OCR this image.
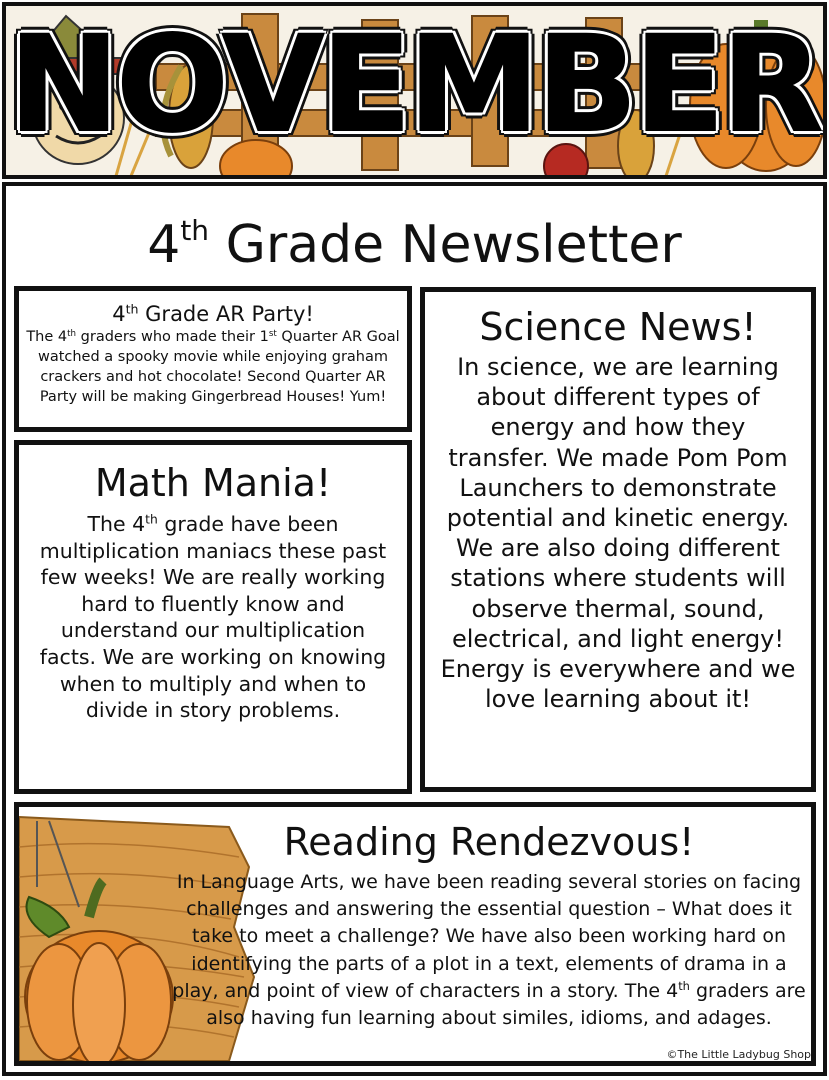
NOVEMBER
4th Grade Newsletter
4th Grade AR Party!
The 4th graders who made their 1st Quarter AR Goal watched a spooky movie while enjoying graham crackers and hot chocolate! Second Quarter AR Party will be making Gingerbread Houses! Yum!
Math Mania!
The 4th grade have been multiplication maniacs these past few weeks! We are really working hard to fluently know and understand our multiplication facts. We are working on knowing when to multiply and when to divide in story problems.
Science News!
In science, we are learning about different types of energy and how they transfer. We made Pom Pom Launchers to demonstrate potential and kinetic energy. We are also doing different stations where students will observe thermal, sound, electrical, and light energy! Energy is everywhere and we love learning about it!
Reading Rendezvous!
In Language Arts, we have been reading several stories on facing challenges and answering the essential question – What does it take to meet a challenge? We have also been working hard on identifying the parts of a plot in a text, elements of drama in a play, and point of view of characters in a story. The 4th graders are also having fun learning about similes, idioms, and adages.
©The Little Ladybug Shop
